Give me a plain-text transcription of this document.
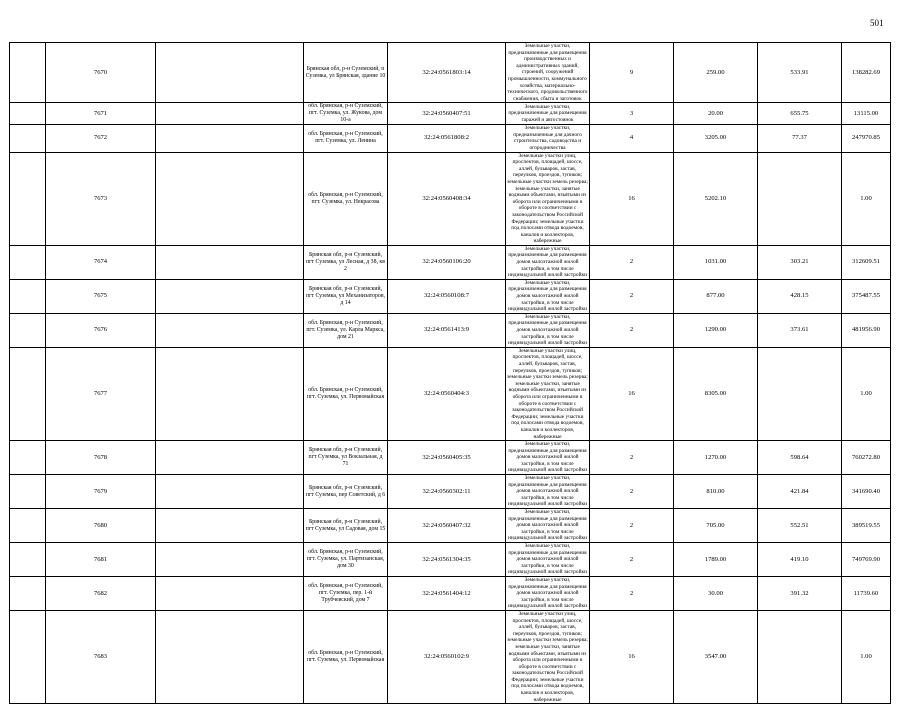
501
	7670		Брянская обл, р-н Суземский, п Суземка, ул Брянская, здание 10	32:24:0561803:14	Земельные участки, предназначенные для размещения производственных и административных зданий, строений, сооружений промышленности, коммунального хозяйства, материально-технического, продовольственного снабжения, сбыта и заготовок	9	259.00	533.91	138282.69
	7671		обл. Брянская, р-н Суземский, пгт. Суземка, ул. Жукова, дом 10-а	32:24:0560407:51	Земельные участки, предназначенные для размещения гаражей и автостоянок	3	20.00	655.75	13115.00
	7672		обл. Брянская, р-н Суземский, пгт. Суземка, ул. Ленина	32:24:0561808:2	Земельные участки, предназначенные для дачного строительства, садоводства и огородничества	4	3205.00	77.37	247970.85
	7673		обл. Брянская, р-н Суземский, пгт. Суземка, ул. Некрасова	32:24:0560408:34	Земельные участки улиц, проспектов, площадей, шоссе, аллей, бульваров, застав, переулков, проездов, тупиков; земельные участки земель резерва; земельные участки, занятые водными объектами, изъятыми из оборота или ограниченными в обороте в соответствии с законодательством Российской Федерации; земельные участки под полосами отвода водоемов, каналов и коллекторов, набережные	16	5202.10		1.00
	7674		Брянская обл, р-н Суземский, пгт Суземка, ул Лесная, д 38, кв 2	32:24:0560106:20	Земельные участки, предназначенные для размещения домов малоэтажной жилой застройки, в том числе индивидуальной жилой застройки	2	1031.00	303.21	312609.51
	7675		Брянская обл, р-н Суземский, пгт Суземка, ул Механизаторов, д 14	32:24:0560108:7	Земельные участки, предназначенные для размещения домов малоэтажной жилой застройки, в том числе индивидуальной жилой застройки	2	877.00	428.15	375487.55
	7676		обл. Брянская, р-н Суземский, пгт. Суземка, ул. Карла Маркса, дом 21	32:24:0561413:9	Земельные участки, предназначенные для размещения домов малоэтажной жилой застройки, в том числе индивидуальной жилой застройки	2	1290.00	373.61	481956.90
	7677		обл. Брянская, р-н Суземский, пгт. Суземка, ул. Первомайская	32:24:0560404:3	Земельные участки улиц, проспектов, площадей, шоссе, аллей, бульваров, застав, переулков, проездов, тупиков; земельные участки земель резерва; земельные участки, занятые водными объектами, изъятыми из оборота или ограниченными в обороте в соответствии с законодательством Российской Федерации; земельные участки под полосами отвода водоемов, каналов и коллекторов, набережные	16	8305.00		1.00
	7678		Брянская обл, р-н Суземский, пгт Суземка, ул Вокзальная, д 71	32:24:0560405:35	Земельные участки, предназначенные для размещения домов малоэтажной жилой застройки, в том числе индивидуальной жилой застройки	2	1270.00	598.64	760272.80
	7679		Брянская обл, р-н Суземский, пгт Суземка, пер Советский, д 6	32:24:0560302:11	Земельные участки, предназначенные для размещения домов малоэтажной жилой застройки, в том числе индивидуальной жилой застройки	2	810.00	421.84	341690.40
	7680		Брянская обл, р-н Суземский, пгт Суземка, ул Садовая, дом 15	32:24:0560407:32	Земельные участки, предназначенные для размещения домов малоэтажной жилой застройки, в том числе индивидуальной жилой застройки	2	705.00	552.51	389519.55
	7681		обл. Брянская, р-н Суземский, пгт. Суземка, ул. Партизанская, дом 30	32:24:0561304:35	Земельные участки, предназначенные для размещения домов малоэтажной жилой застройки, в том числе индивидуальной жилой застройки	2	1789.00	419.10	749769.90
	7682		обл. Брянская, р-н Суземский, пгт. Суземка, пер. 1-й Трубчевский, дом 7	32:24:0561404:12	Земельные участки, предназначенные для размещения домов малоэтажной жилой застройки, в том числе индивидуальной жилой застройки	2	30.00	391.32	11739.60
	7683		обл. Брянская, р-н Суземский, пгт. Суземка, ул. Первомайская	32:24:0560102:9	Земельные участки улиц, проспектов, площадей, шоссе, аллей, бульваров, застав, переулков, проездов, тупиков; земельные участки земель резерва; земельные участки, занятые водными объектами, изъятыми из оборота или ограниченными в обороте в соответствии с законодательством Российской Федерации; земельные участки под полосами отвода водоемов, каналов и коллекторов, набережные	16	3547.00		1.00
